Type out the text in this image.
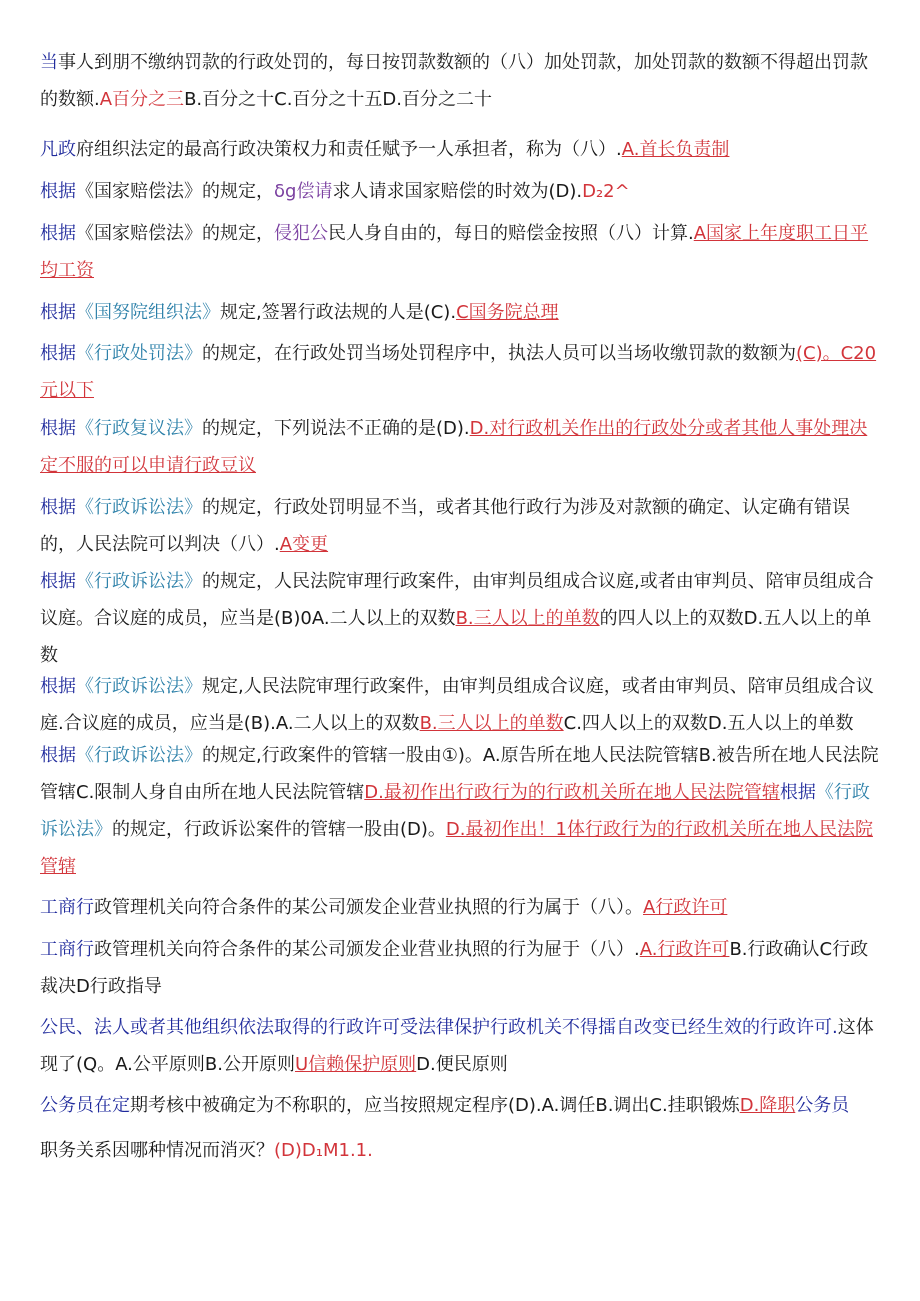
当事人到朋不缴纳罚款的行政处罚的，每日按罚款数额的（八）加处罚款，加处罚款的数额不得超出罚款的数额.A百分之三B.百分之十C.百分之十五D.百分之二十

凡政府组织法定的最高行政决策权力和责任赋予一人承担者，称为（八）.A.首长负责制

根据《国家赔偿法》的规定，δg偿请求人请求国家赔偿的时效为(D).D₂2^

根据《国家赔偿法》的规定，侵犯公民人身自由的，每日的赔偿金按照（八）计算.A国家上年度职工日平均工资

根据《国努院组织法》规定,签署行政法规的人是(C).C国务院总理

根据《行政处罚法》的规定，在行政处罚当场处罚程序中，执法人员可以当场收缴罚款的数额为(C)。C20元以下

根据《行政复议法》的规定，下列说法不正确的是(D).D.对行政机关作出的行政处分或者其他人事处理决定不服的可以申请行政豆议

根据《行政诉讼法》的规定，行政处罚明显不当，或者其他行政行为涉及对款额的确定、认定确有错误的，人民法院可以判决（八）.A变更

根据《行政诉讼法》的规定，人民法院审理行政案件，由审判员组成合议庭,或者由审判员、陪审员组成合议庭。合议庭的成员，应当是(B)0A.二人以上的双数B.三人以上的单数的四人以上的双数D.五人以上的单数

根据《行政诉讼法》规定,人民法院审理行政案件，由审判员组成合议庭，或者由审判员、陪审员组成合议庭.合议庭的成员，应当是(B).A.二人以上的双数B.三人以上的单数C.四人以上的双数D.五人以上的单数

根据《行政诉讼法》的规定,行政案件的管辖一股由①)。A.原告所在地人民法院管辖B.被告所在地人民法院管辖C.限制人身自由所在地人民法院管辖D.最初作出行政行为的行政机关所在地人民法院管辖根据《行政诉讼法》的规定，行政诉讼案件的管辖一股由(D)。D.最初作出！1体行政行为的行政机关所在地人民法院管辖

工商行政管理机关向符合条件的某公司颁发企业营业执照的行为属于（八）。A行政许可

工商行政管理机关向符合条件的某公司颁发企业营业执照的行为屉于（八）.A.行政许可B.行政确认C行政裁决D行政指导

公民、法人或者其他组织依法取得的行政许可受法律保护行政机关不得擂自改变已经生效的行政许可.这体现了(Q。A.公平原则B.公开原则U信赖保护原则D.便民原则

公务员在定期考核中被确定为不称职的，应当按照规定程序(D).A.调任B.调出C.挂职锻炼D.降职公务员

职务关系因哪种情况而消灭？(D)D₁M1.1.
